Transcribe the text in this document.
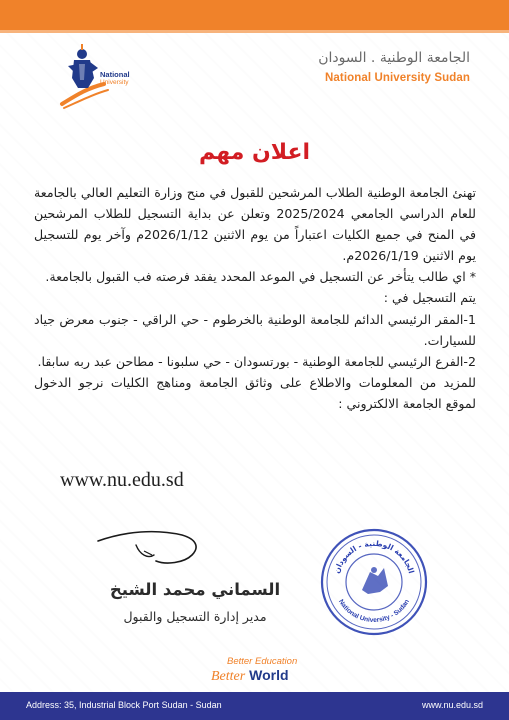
National
University
الجامعة الوطنية . السودان
National University Sudan
اعلان مهم

تهنئ الجامعة الوطنية الطلاب المرشحين للقبول في منح وزارة التعليم العالي بالجامعة للعام الدراسي الجامعي 2025/2024 وتعلن عن بداية التسجيل للطلاب المرشحين في المنح في جميع الكليات اعتباراً من يوم الاثنين 2026/1/12م وآخر يوم للتسجيل يوم الاثنين 2026/1/19م.

* اي طالب يتأخر عن التسجيل في الموعد المحدد يفقد فرصته فب القبول بالجامعة.

يتم التسجيل في :

1-المقر الرئيسي الدائم للجامعة الوطنية بالخرطوم - حي الراقي - جنوب معرض جياد للسيارات.

2-الفرع الرئيسي للجامعة الوطنية - بورتسودان - حي سلبونا - مطاحن عبد ربه سابقا.

للمزيد من المعلومات والاطلاع على وثائق الجامعة ومناهج الكليات نرجو الدخول لموقع الجامعة الالكتروني :

www.nu.edu.sd
السماني محمد الشيخ
مدير إدارة التسجيل والقبول
الجامعة الوطنية - السودان
National University - Sudan
Better Education
Better World
Address: 35, Industrial Block Port Sudan - Sudan	www.nu.edu.sd
